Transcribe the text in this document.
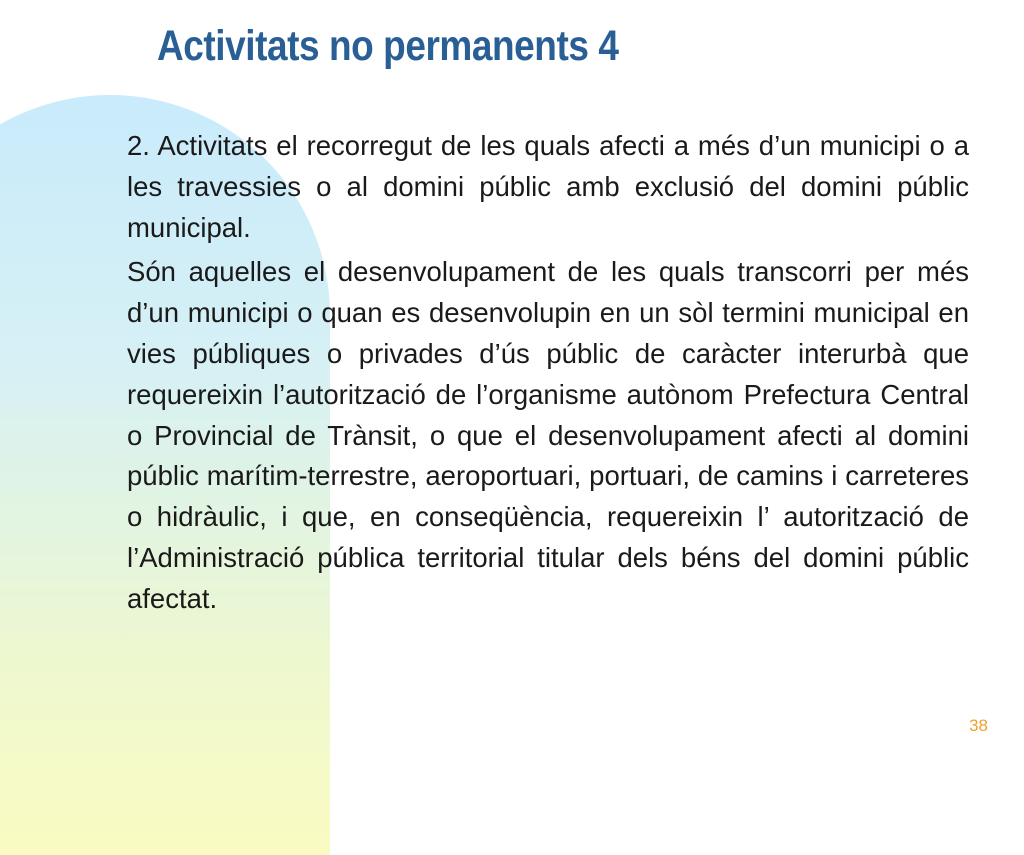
Activitats no permanents 4

2. Activitats el recorregut de les quals afecti a més d’un municipi o a les travessies o al domini públic amb exclusió del domini públic municipal.

Són aquelles el desenvolupament de les quals transcorri per més d’un municipi o quan es desenvolupin en un sòl termini municipal en vies públiques o privades d’ús públic de caràcter interurbà que requereixin l’autorització de l’organisme autònom Prefectura Central o Provincial de Trànsit, o que el desenvolupament afecti al domini públic marítim-terrestre, aeroportuari, portuari, de camins i carreteres o hidràulic, i que, en conseqüència, requereixin l’ autorització de l’Administració pública territorial titular dels béns del domini públic afectat.

38
